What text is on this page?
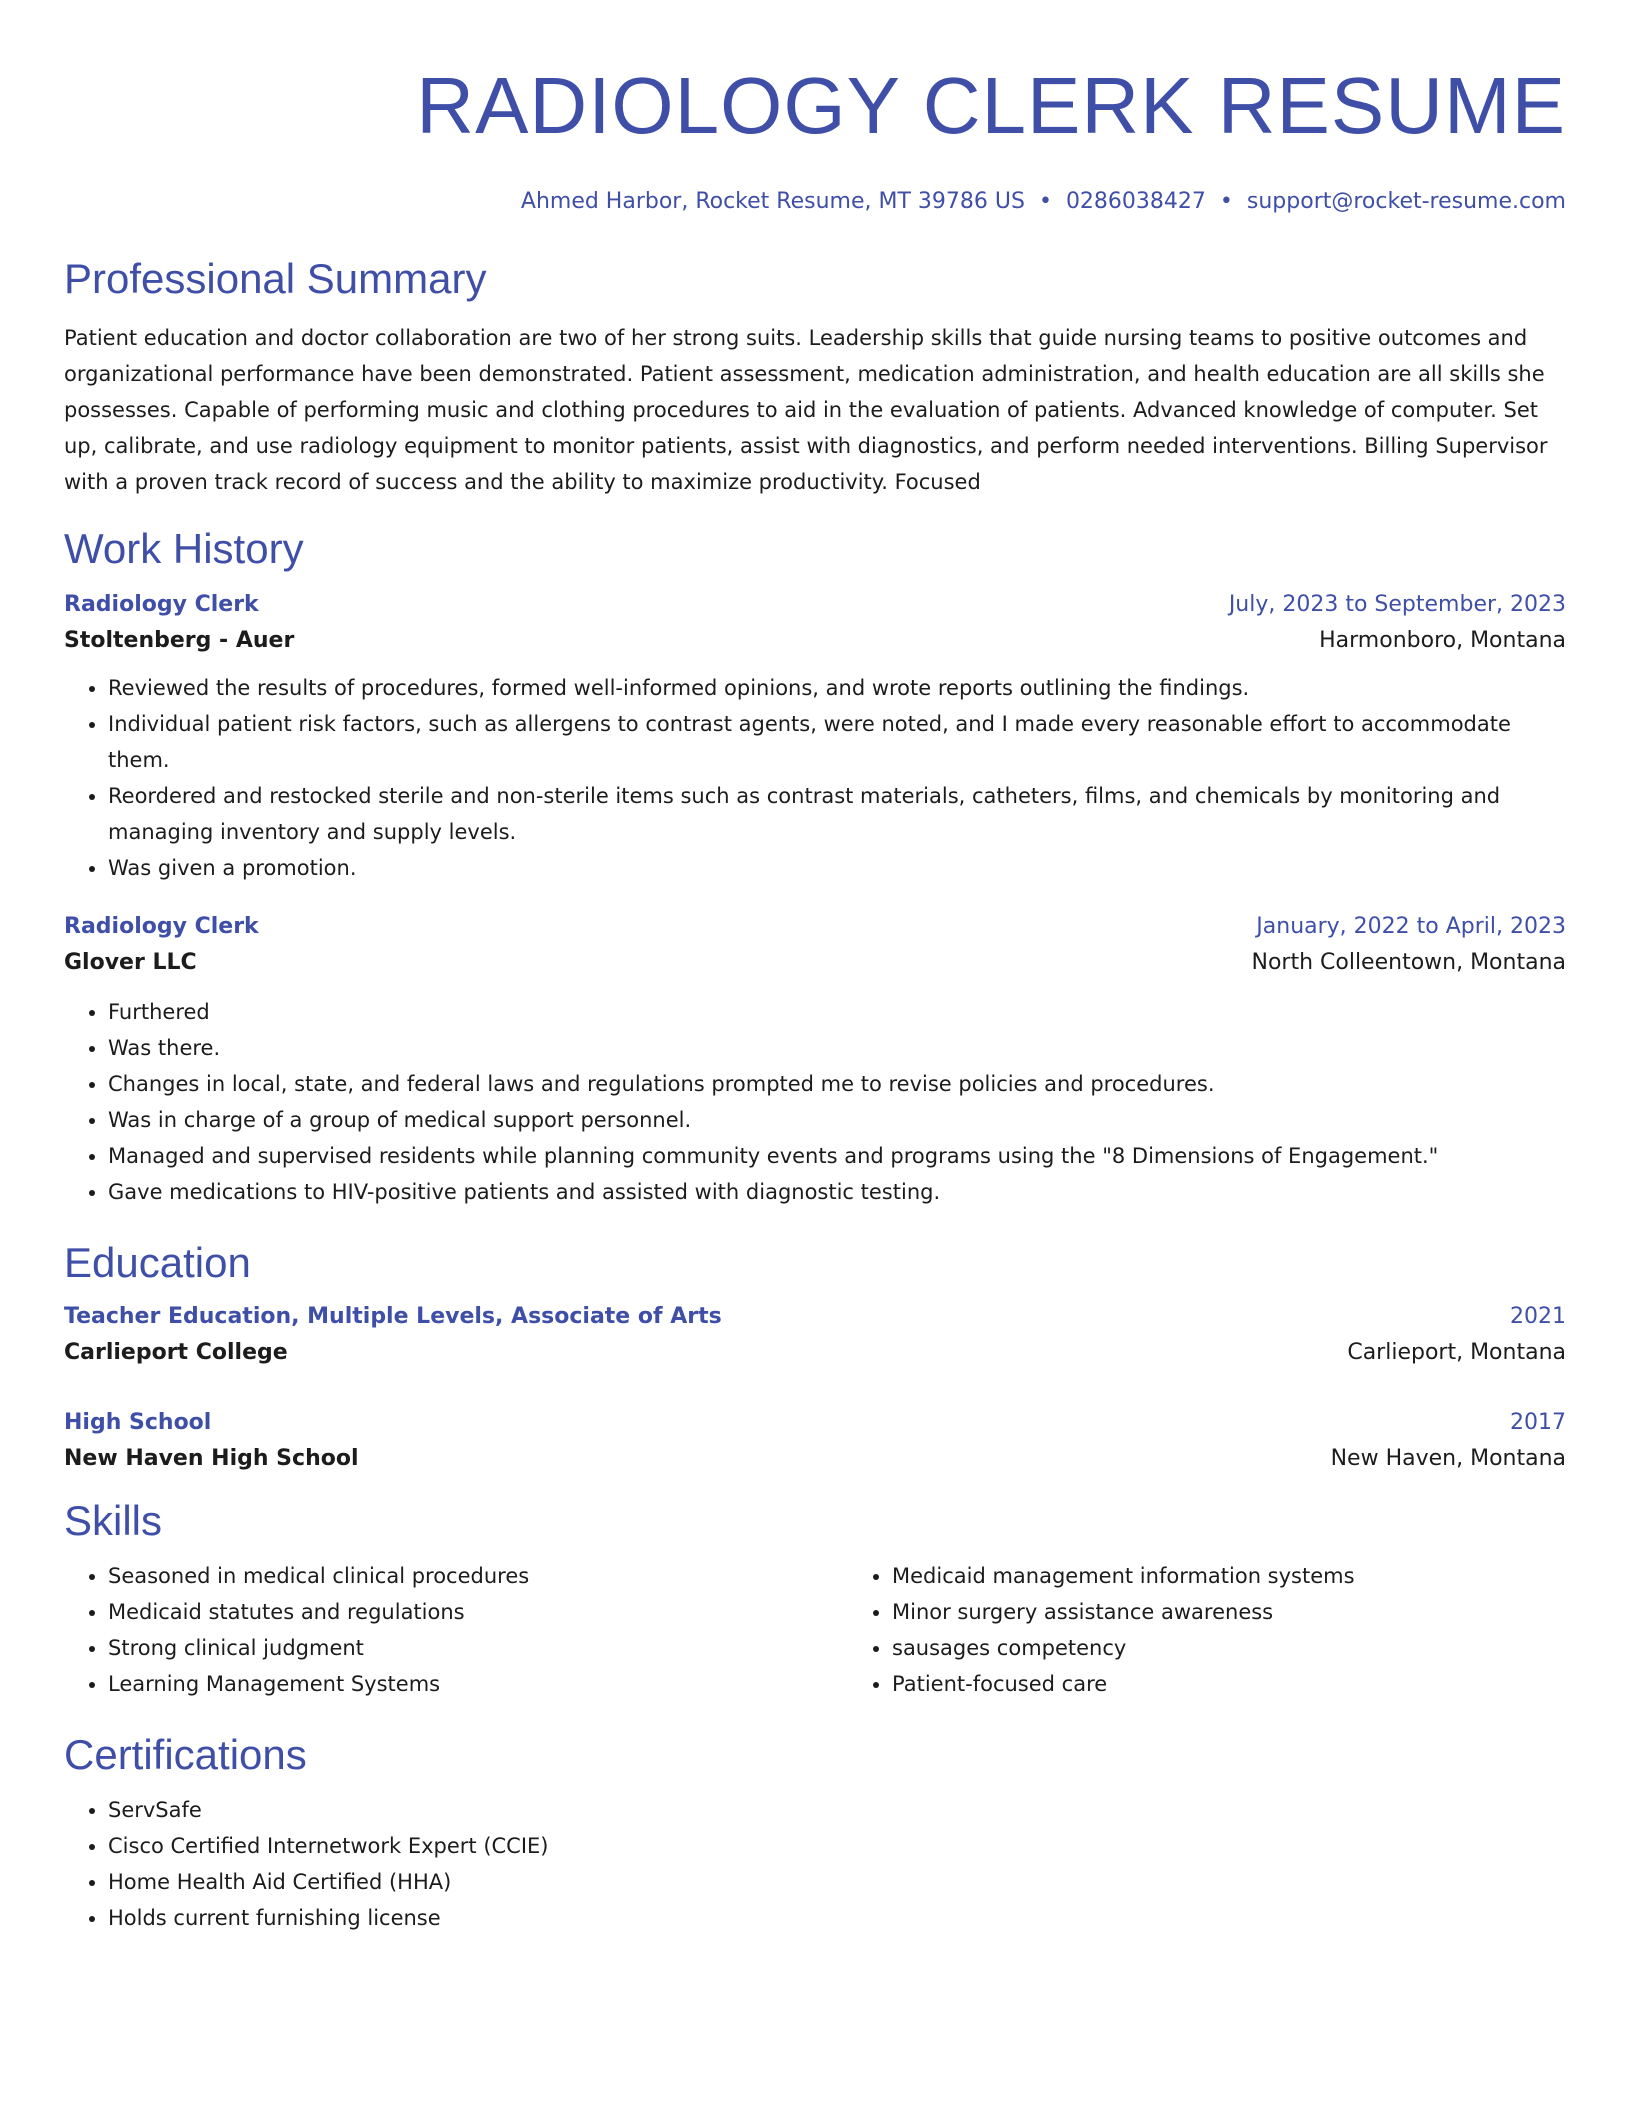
RADIOLOGY CLERK RESUME
Ahmed Harbor, Rocket Resume, MT 39786 US • 0286038427 • support@rocket-resume.com
Professional Summary

Patient education and doctor collaboration are two of her strong suits. Leadership skills that guide nursing teams to positive outcomes and organizational performance have been demonstrated. Patient assessment, medication administration, and health education are all skills she possesses. Capable of performing music and clothing procedures to aid in the evaluation of patients. Advanced knowledge of computer. Set up, calibrate, and use radiology equipment to monitor patients, assist with diagnostics, and perform needed interventions. Billing Supervisor with a proven track record of success and the ability to maximize productivity. Focused

Work History
Radiology Clerk	July, 2023 to September, 2023
Stoltenberg - Auer	Harmonboro, Montana
• Reviewed the results of procedures, formed well-informed opinions, and wrote reports outlining the findings.
• Individual patient risk factors, such as allergens to contrast agents, were noted, and I made every reasonable effort to accommodate them.
• Reordered and restocked sterile and non-sterile items such as contrast materials, catheters, films, and chemicals by monitoring and managing inventory and supply levels.
• Was given a promotion.
Radiology Clerk	January, 2022 to April, 2023
Glover LLC	North Colleentown, Montana
• Furthered
• Was there.
• Changes in local, state, and federal laws and regulations prompted me to revise policies and procedures.
• Was in charge of a group of medical support personnel.
• Managed and supervised residents while planning community events and programs using the "8 Dimensions of Engagement."
• Gave medications to HIV-positive patients and assisted with diagnostic testing.
Education
Teacher Education, Multiple Levels, Associate of Arts	2021
Carlieport College	Carlieport, Montana
High School	2017
New Haven High School	New Haven, Montana
Skills
• Seasoned in medical clinical procedures
• Medicaid statutes and regulations
• Strong clinical judgment
• Learning Management Systems
• Medicaid management information systems
• Minor surgery assistance awareness
• sausages competency
• Patient-focused care
Certifications
• ServSafe
• Cisco Certified Internetwork Expert (CCIE)
• Home Health Aid Certified (HHA)
• Holds current furnishing license
